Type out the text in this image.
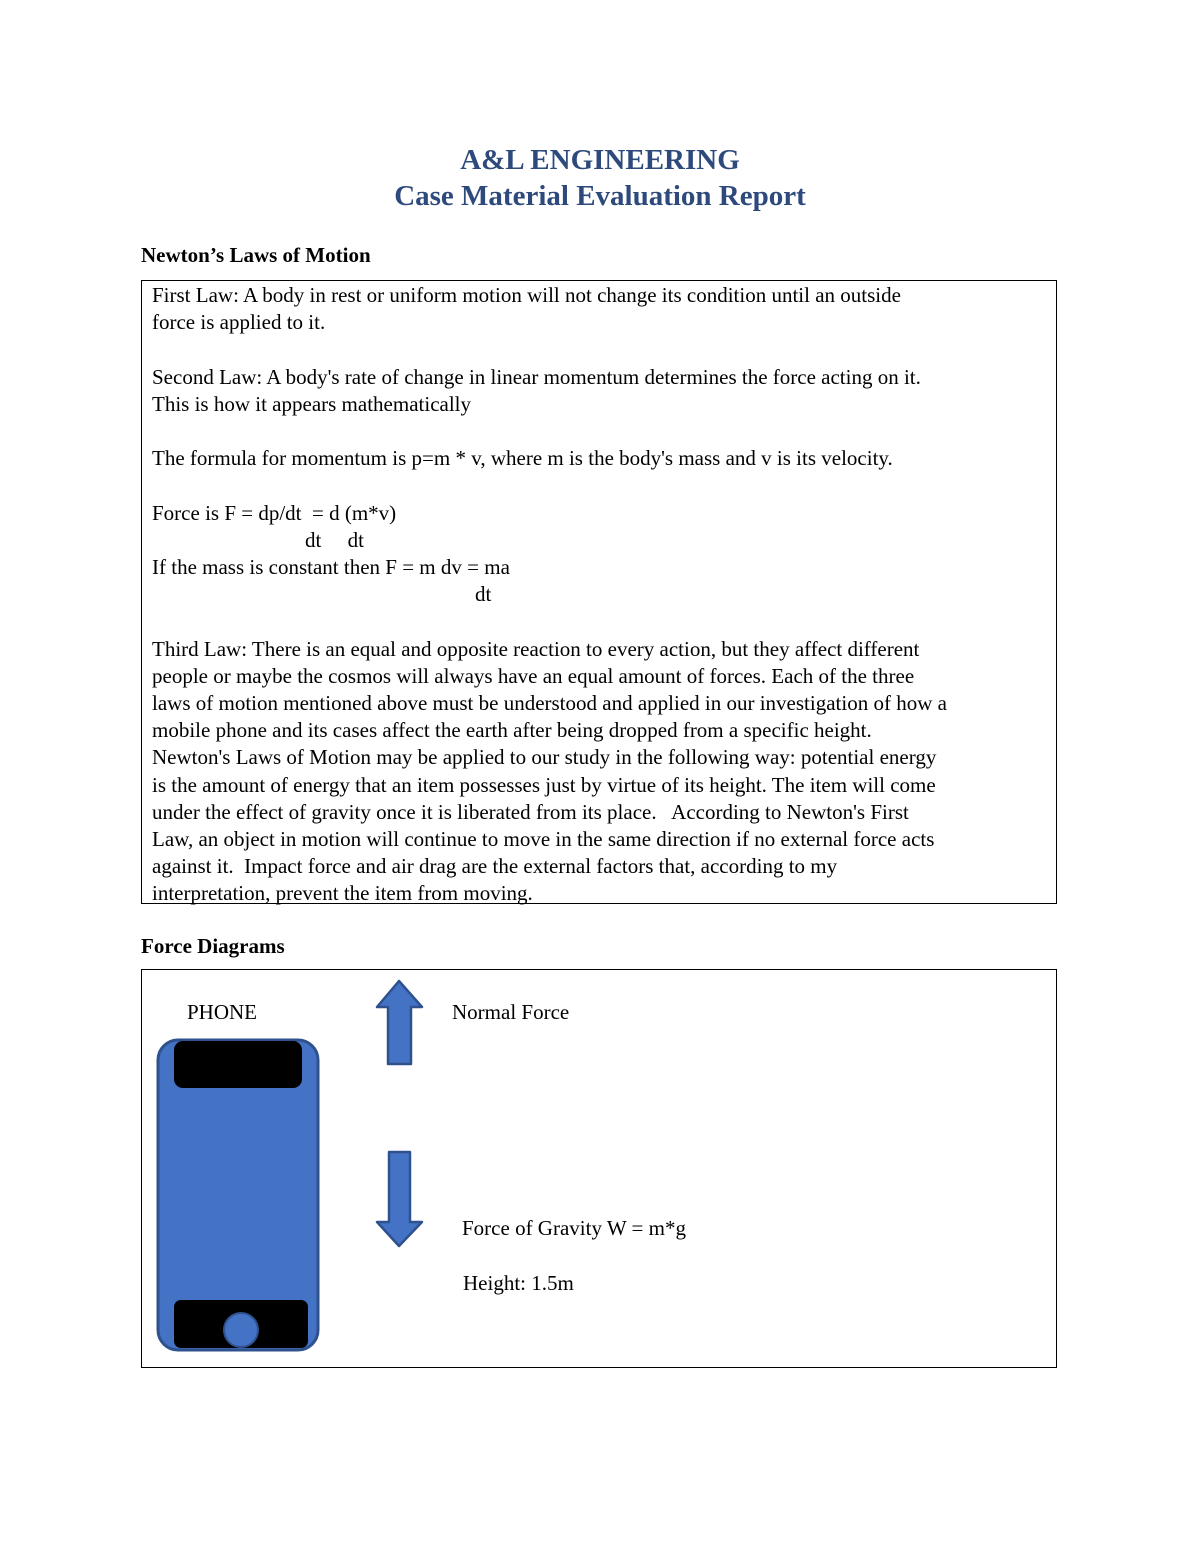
A&L ENGINEERING
Case Material Evaluation Report
Newton’s Laws of Motion

First Law: A body in rest or uniform motion will not change its condition until an outside

force is applied to it.

Second Law: A body's rate of change in linear momentum determines the force acting on it.

This is how it appears mathematically

The formula for momentum is p=m * v, where m is the body's mass and v is its velocity.

Force is F = dp/dt  = d (m*v)

dt     dt

If the mass is constant then F = m dv = ma

dt

Third Law: There is an equal and opposite reaction to every action, but they affect different

people or maybe the cosmos will always have an equal amount of forces. Each of the three

laws of motion mentioned above must be understood and applied in our investigation of how a

mobile phone and its cases affect the earth after being dropped from a specific height.

Newton's Laws of Motion may be applied to our study in the following way: potential energy

is the amount of energy that an item possesses just by virtue of its height. The item will come

under the effect of gravity once it is liberated from its place.   According to Newton's First

Law, an object in motion will continue to move in the same direction if no external force acts

against it.  Impact force and air drag are the external factors that, according to my

interpretation, prevent the item from moving.

Force Diagrams
PHONE	Normal Force
Force of Gravity W = m*g
Height: 1.5m
